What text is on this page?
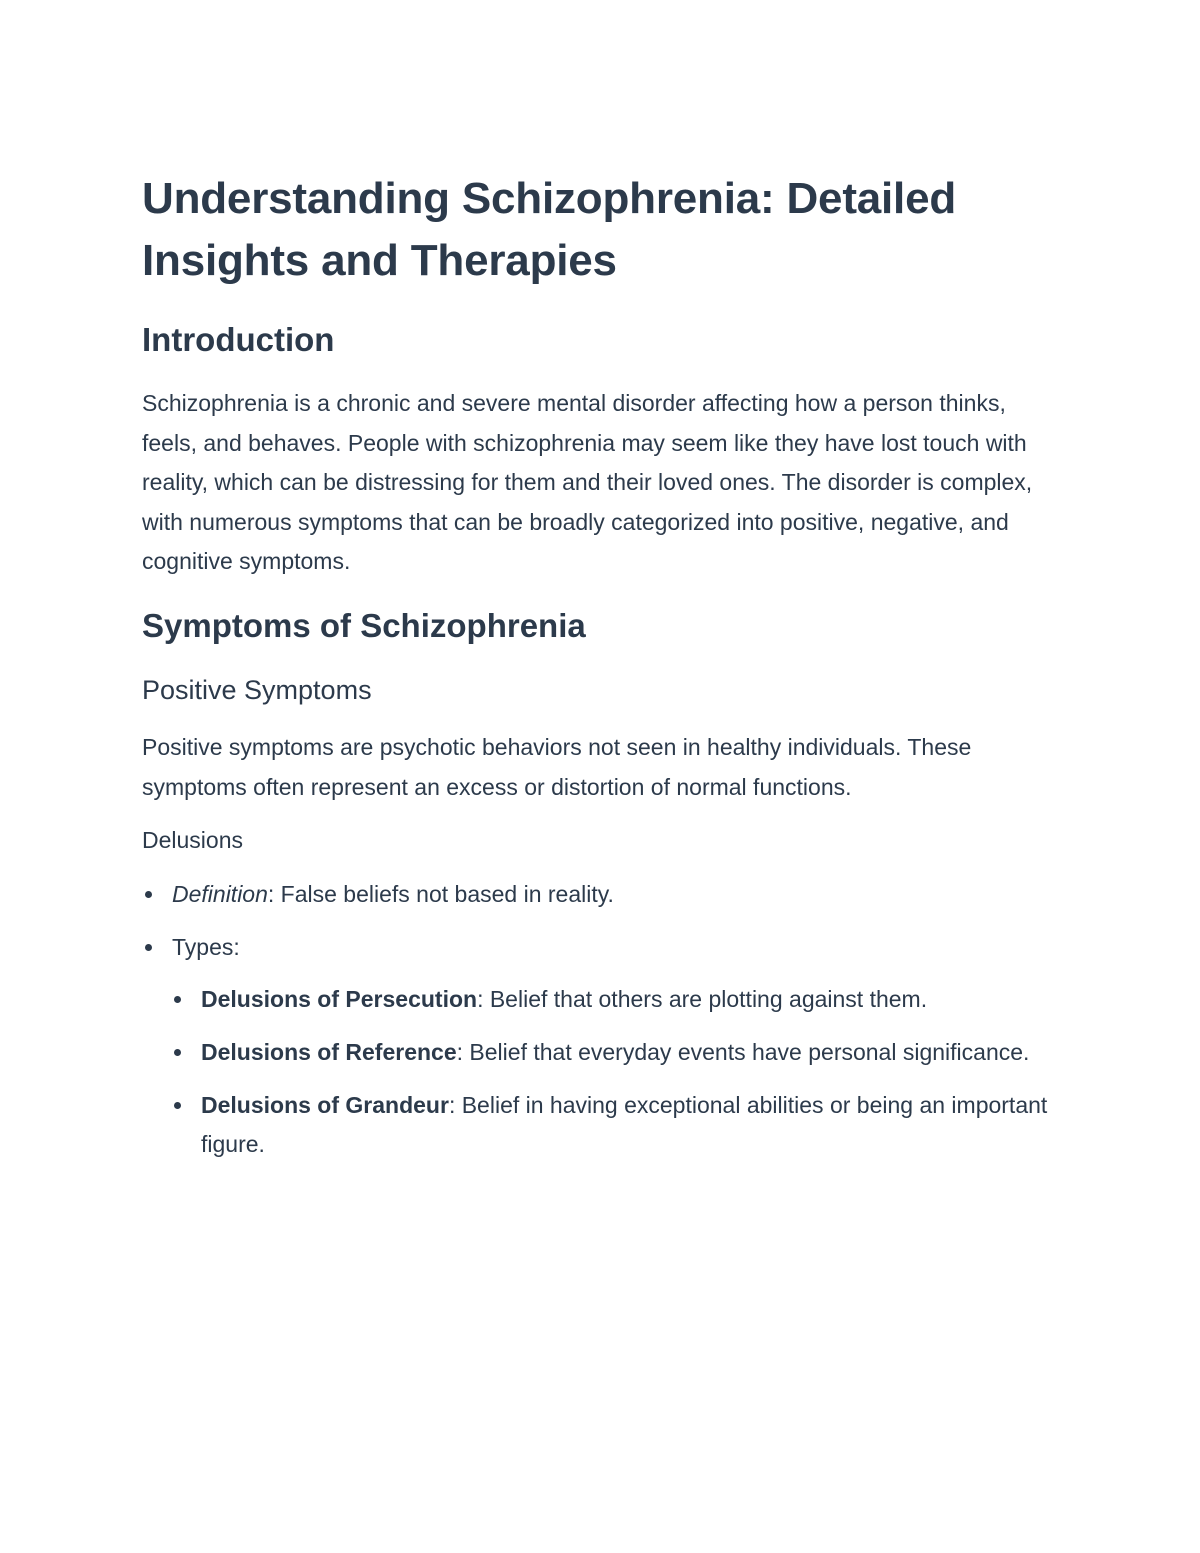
Understanding Schizophrenia: Detailed Insights and Therapies
Introduction

Schizophrenia is a chronic and severe mental disorder affecting how a person thinks, feels, and behaves. People with schizophrenia may seem like they have lost touch with reality, which can be distressing for them and their loved ones. The disorder is complex, with numerous symptoms that can be broadly categorized into positive, negative, and cognitive symptoms.

Symptoms of Schizophrenia
Positive Symptoms

Positive symptoms are psychotic behaviors not seen in healthy individuals. These symptoms often represent an excess or distortion of normal functions.

Delusions
Definition: False beliefs not based in reality.
Types:
Delusions of Persecution: Belief that others are plotting against them.
Delusions of Reference: Belief that everyday events have personal significance.
Delusions of Grandeur: Belief in having exceptional abilities or being an important figure.
